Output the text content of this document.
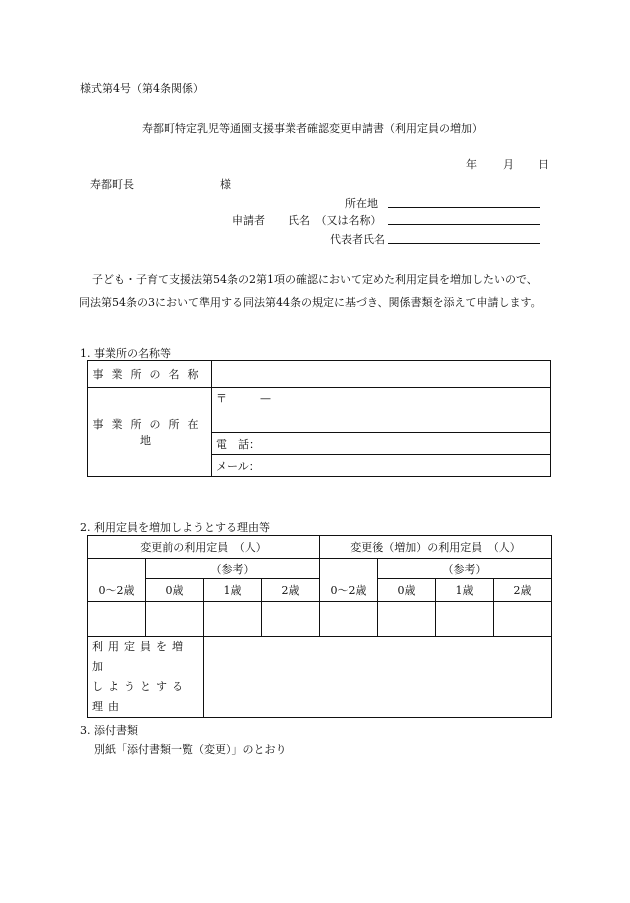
様式第4号（第4条関係）
寿都町特定乳児等通園支援事業者確認変更申請書（利用定員の増加）
年 月 日
寿都町長	様
所在地
申請者 氏名　（又は名称）
代表者氏名
子ども・子育て支援法第54条の2第1項の確認において定めた利用定員を増加したいので、
同法第54条の3において準用する同法第44条の規定に基づき、関係書類を添えて申請します。
1. 事業所の名称等
事業所の名称	
事業所の所在地	〒　　　—
	電　話：
	メール：
2. 利用定員を増加しようとする理由等
変更前の利用定員　（人）				変更後（増加）の利用定員　（人）			
	（参考）				（参考）		
0〜2歳	0歳	1歳	2歳	0〜2歳	0歳	1歳	2歳

利用定員を増加
しようとする理由							

3. 添付書類
別紙「添付書類一覧（変更）」のとおり
